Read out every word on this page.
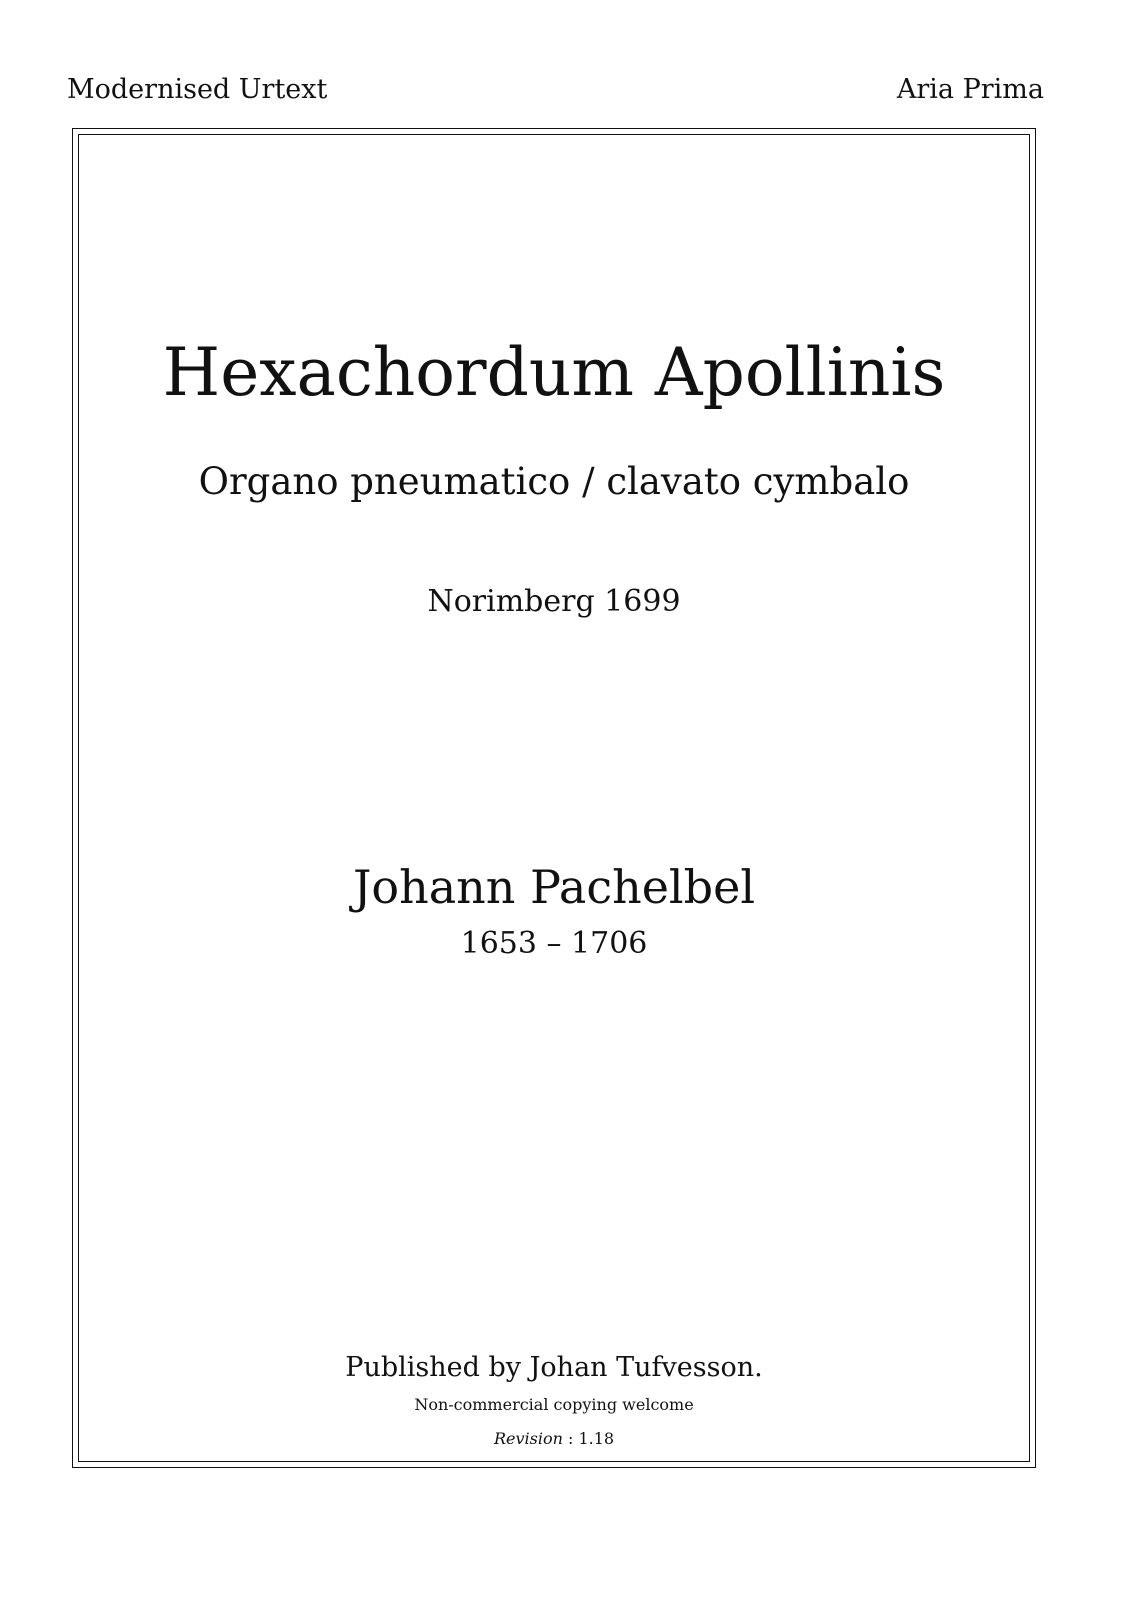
Modernised Urtext	Aria Prima
Hexachordum Apollinis
Organo pneumatico / clavato cymbalo
Norimberg 1699
Johann Pachelbel
1653 – 1706
Published by Johan Tufvesson.
Non-commercial copying welcome
Revision : 1.18
